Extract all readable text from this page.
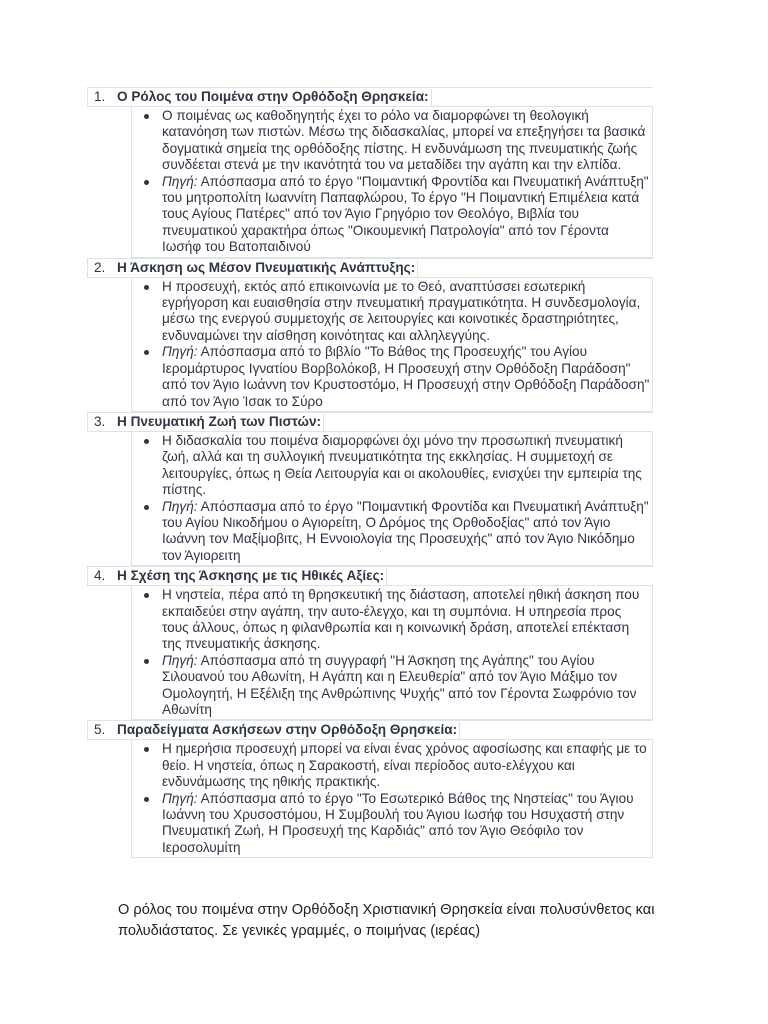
1. Ο Ρόλος του Ποιμένα στην Ορθόδοξη Θρησκεία:
Ο ποιμένας ως καθοδηγητής έχει το ρόλο να διαμορφώνει τη θεολογική κατανόηση των πιστών. Μέσω της διδασκαλίας, μπορεί να επεξηγήσει τα βασικά δογματικά σημεία της ορθόδοξης πίστης. Η ενδυνάμωση της πνευματικής ζωής συνδέεται στενά με την ικανότητά του να μεταδίδει την αγάπη και την ελπίδα.
Πηγή: Απόσπασμα από το έργο "Ποιμαντική Φροντίδα και Πνευματική Ανάπτυξη" του μητροπολίτη Ιωαννίτη Παπαφλώρου, Το έργο "Η Ποιμαντική Επιμέλεια κατά τους Αγίους Πατέρες" από τον Άγιο Γρηγόριο τον Θεολόγο, Βιβλία του πνευματικού χαρακτήρα όπως "Οικουμενική Πατρολογία" από τον Γέροντα Ιωσήφ του Βατοπαιδινού
2. Η Άσκηση ως Μέσον Πνευματικής Ανάπτυξης:
Η προσευχή, εκτός από επικοινωνία με το Θεό, αναπτύσσει εσωτερική εγρήγορση και ευαισθησία στην πνευματική πραγματικότητα. Η συνδεσμολογία, μέσω της ενεργού συμμετοχής σε λειτουργίες και κοινοτικές δραστηριότητες, ενδυναμώνει την αίσθηση κοινότητας και αλληλεγγύης.
Πηγή: Απόσπασμα από το βιβλίο "Το Βάθος της Προσευχής" του Αγίου Ιερομάρτυρος Ιγνατίου Βορβολόκοβ, Η Προσευχή στην Ορθόδοξη Παράδοση" από τον Άγιο Ιωάννη τον Κρυστοστόμο, Η Προσευχή στην Ορθόδοξη Παράδοση" από τον Άγιο Ίσακ το Σύρο
3. Η Πνευματική Ζωή των Πιστών:
Η διδασκαλία του ποιμένα διαμορφώνει όχι μόνο την προσωπική πνευματική ζωή, αλλά και τη συλλογική πνευματικότητα της εκκλησίας. Η συμμετοχή σε λειτουργίες, όπως η Θεία Λειτουργία και οι ακολουθίες, ενισχύει την εμπειρία της πίστης.
Πηγή: Απόσπασμα από το έργο "Ποιμαντική Φροντίδα και Πνευματική Ανάπτυξη" του Αγίου Νικοδήμου ο Αγιορείτη, Ο Δρόμος της Ορθοδοξίας" από τον Άγιο Ιωάννη τον Μαξίμοβιτς, Η Εννοιολογία της Προσευχής" από τον Άγιο Νικόδημο τον Άγιορειτη
4. Η Σχέση της Άσκησης με τις Ηθικές Αξίες:
Η νηστεία, πέρα από τη θρησκευτική της διάσταση, αποτελεί ηθική άσκηση που εκπαιδεύει στην αγάπη, την αυτο-έλεγχο, και τη συμπόνια. Η υπηρεσία προς τους άλλους, όπως η φιλανθρωπία και η κοινωνική δράση, αποτελεί επέκταση της πνευματικής άσκησης.
Πηγή: Απόσπασμα από τη συγγραφή "Η Άσκηση της Αγάπης" του Αγίου Σιλουανού του Αθωνίτη, Η Αγάπη και η Ελευθερία" από τον Άγιο Μάξιμο τον Ομολογητή, Η Εξέλιξη της Ανθρώπινης Ψυχής" από τον Γέροντα Σωφρόνιο τον Αθωνίτη
5. Παραδείγματα Ασκήσεων στην Ορθόδοξη Θρησκεία:
Η ημερήσια προσευχή μπορεί να είναι ένας χρόνος αφοσίωσης και επαφής με το θείο. Η νηστεία, όπως η Σαρακοστή, είναι περίοδος αυτο-ελέγχου και ενδυνάμωσης της ηθικής πρακτικής.
Πηγή: Απόσπασμα από το έργο "Το Εσωτερικό Βάθος της Νηστείας" του Άγιου Ιωάννη του Χρυσοστόμου, Η Συμβουλή του Άγιου Ιωσήφ του Ησυχαστή στην Πνευματική Ζωή, Η Προσευχή της Καρδιάς" από τον Άγιο Θεόφιλο τον Ιεροσολυμίτη

Ο ρόλος του ποιμένα στην Ορθόδοξη Χριστιανική Θρησκεία είναι πολυσύνθετος και πολυδιάστατος. Σε γενικές γραμμές, ο ποιμήνας (ιερέας)
